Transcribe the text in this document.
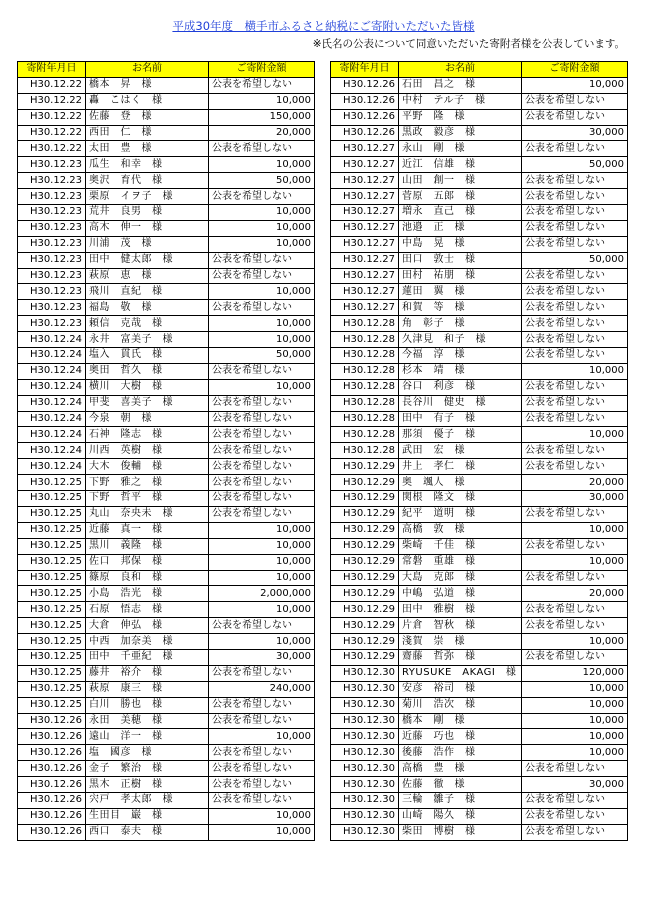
平成30年度　横手市ふるさと納税にご寄附いただいた皆様
※氏名の公表について同意いただいた寄附者様を公表しています。
寄附年月日	お名前	ご寄附金額
H30.12.22	橋本　昇　様	公表を希望しない
H30.12.22	轟　こはく　様	10,000
H30.12.22	佐藤　登　様	150,000
H30.12.22	西田　仁　様	20,000
H30.12.22	太田　豊　様	公表を希望しない
H30.12.23	瓜生　和幸　様	10,000
H30.12.23	奥沢　育代　様	50,000
H30.12.23	栗原　イヲ子　様	公表を希望しない
H30.12.23	荒井　良男　様	10,000
H30.12.23	高木　伸一　様	10,000
H30.12.23	川浦　茂　様	10,000
H30.12.23	田中　健太郎　様	公表を希望しない
H30.12.23	萩原　恵　様	公表を希望しない
H30.12.23	飛川　直紀　様	10,000
H30.12.23	福島　敬　様	公表を希望しない
H30.12.23	頼信　克哉　様	10,000
H30.12.24	永井　富美子　様	10,000
H30.12.24	塩入　貫氏　様	50,000
H30.12.24	奥田　哲久　様	公表を希望しない
H30.12.24	横川　大樹　様	10,000
H30.12.24	甲斐　喜美子　様	公表を希望しない
H30.12.24	今泉　朝　様	公表を希望しない
H30.12.24	石神　隆志　様	公表を希望しない
H30.12.24	川西　英樹　様	公表を希望しない
H30.12.24	大木　俊輔　様	公表を希望しない
H30.12.25	下野　雅之　様	公表を希望しない
H30.12.25	下野　哲平　様	公表を希望しない
H30.12.25	丸山　奈央未　様	公表を希望しない
H30.12.25	近藤　真一　様	10,000
H30.12.25	黒川　義隆　様	10,000
H30.12.25	佐口　邦保　様	10,000
H30.12.25	篠原　良和　様	10,000
H30.12.25	小島　浩光　様	2,000,000
H30.12.25	石原　悟志　様	10,000
H30.12.25	大倉　伸弘　様	公表を希望しない
H30.12.25	中西　加奈美　様	10,000
H30.12.25	田中　千亜紀　様	30,000
H30.12.25	藤井　裕介　様	公表を希望しない
H30.12.25	萩原　康三　様	240,000
H30.12.25	白川　勝也　様	公表を希望しない
H30.12.26	永田　美穂　様	公表を希望しない
H30.12.26	遠山　洋一　様	10,000
H30.12.26	塩　國彦　様	公表を希望しない
H30.12.26	金子　繁治　様	公表を希望しない
H30.12.26	黒木　正樹　様	公表を希望しない
H30.12.26	宍戸　孝太郎　様	公表を希望しない
H30.12.26	生田目　巌　様	10,000
H30.12.26	西口　泰夫　様	10,000
寄附年月日	お名前	ご寄附金額
H30.12.26	石田　昌之　様	10,000
H30.12.26	中村　テル子　様	公表を希望しない
H30.12.26	平野　隆　様	公表を希望しない
H30.12.26	黒政　毅彦　様	30,000
H30.12.27	永山　剛　様	公表を希望しない
H30.12.27	近江　信雄　様	50,000
H30.12.27	山田　創一　様	公表を希望しない
H30.12.27	菅原　五郎　様	公表を希望しない
H30.12.27	増永　直己　様	公表を希望しない
H30.12.27	池邉　正　様	公表を希望しない
H30.12.27	中島　晃　様	公表を希望しない
H30.12.27	田口　敦士　様	50,000
H30.12.27	田村　祐朋　様	公表を希望しない
H30.12.27	蓮田　翼　様	公表を希望しない
H30.12.27	和賀　等　様	公表を希望しない
H30.12.28	角　彰子　様	公表を希望しない
H30.12.28	久津見　和子　様	公表を希望しない
H30.12.28	今福　淳　様	公表を希望しない
H30.12.28	杉本　靖　様	10,000
H30.12.28	谷口　利彦　様	公表を希望しない
H30.12.28	長谷川　健史　様	公表を希望しない
H30.12.28	田中　有子　様	公表を希望しない
H30.12.28	那須　優子　様	10,000
H30.12.28	武田　宏　様	公表を希望しない
H30.12.29	井上　孝仁　様	公表を希望しない
H30.12.29	奥　颯人　様	20,000
H30.12.29	関根　隆文　様	30,000
H30.12.29	紀平　道明　様	公表を希望しない
H30.12.29	高橋　敦　様	10,000
H30.12.29	柴崎　千佳　様	公表を希望しない
H30.12.29	常磐　重雄　様	10,000
H30.12.29	大島　克郎　様	公表を希望しない
H30.12.29	中嶋　弘道　様	20,000
H30.12.29	田中　雅樹　様	公表を希望しない
H30.12.29	片倉　智秋　様	公表を希望しない
H30.12.29	淺賀　崇　様	10,000
H30.12.29	齋藤　哲弥　様	公表を希望しない
H30.12.30	RYUSUKE　AKAGI　様	120,000
H30.12.30	安彦　裕司　様	10,000
H30.12.30	菊川　浩次　様	10,000
H30.12.30	橋本　剛　様	10,000
H30.12.30	近藤　巧也　様	10,000
H30.12.30	後藤　浩作　様	10,000
H30.12.30	高橋　豊　様	公表を希望しない
H30.12.30	佐藤　徹　様	30,000
H30.12.30	三輪　雛子　様	公表を希望しない
H30.12.30	山崎　陽久　様	公表を希望しない
H30.12.30	柴田　博樹　様	公表を希望しない
